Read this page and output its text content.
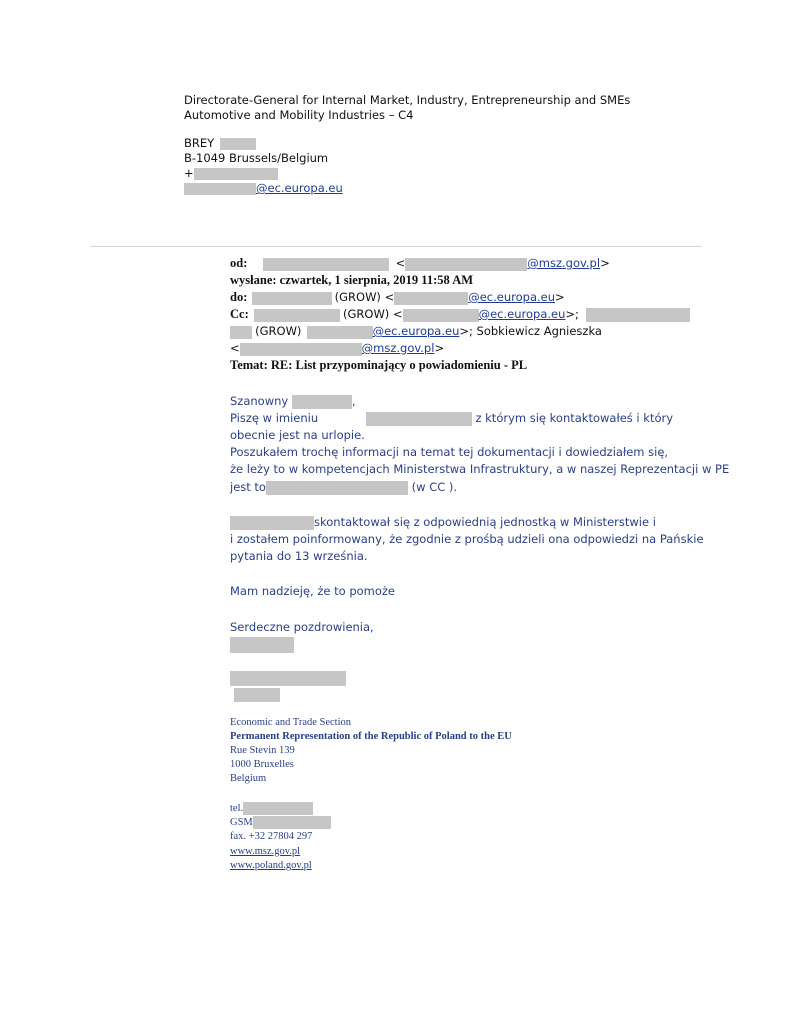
Directorate-General for Internal Market, Industry, Entrepreneurship and SMEs
Automotive and Mobility Industries – C4
BREY
B-1049 Brussels/Belgium
+
@ec.europa.eu
od:	<	@msz.gov.pl>
wysłane: czwartek, 1 sierpnia, 2019 11:58 AM
do:	(GROW) <	@ec.europa.eu>
Cc:	(GROW) <	@ec.europa.eu>;
(GROW)	@ec.europa.eu>; Sobkiewicz Agnieszka
<	@msz.gov.pl>
Temat: RE: List przypominający o powiadomieniu - PL
Szanowny	,
Piszę w imieniu	z którym się kontaktowałeś i który
obecnie jest na urlopie.
Poszukałem trochę informacji na temat tej dokumentacji i dowiedziałem się,
że leży to w kompetencjach Ministerstwa Infrastruktury, a w naszej Reprezentacji w PE
jest to	(w CC ).
skontaktował się z odpowiednią jednostką w Ministerstwie i
i zostałem poinformowany, że zgodnie z prośbą udzieli ona odpowiedzi na Pańskie
pytania do 13 września.
Mam nadzieję, że to pomoże
Serdeczne pozdrowienia,
Economic and Trade Section
Permanent Representation of the Republic of Poland to the EU
Rue Stevin 139
1000 Bruxelles
Belgium
tel.
GSM
fax. +32 27804 297
www.msz.gov.pl
www.poland.gov.pl
